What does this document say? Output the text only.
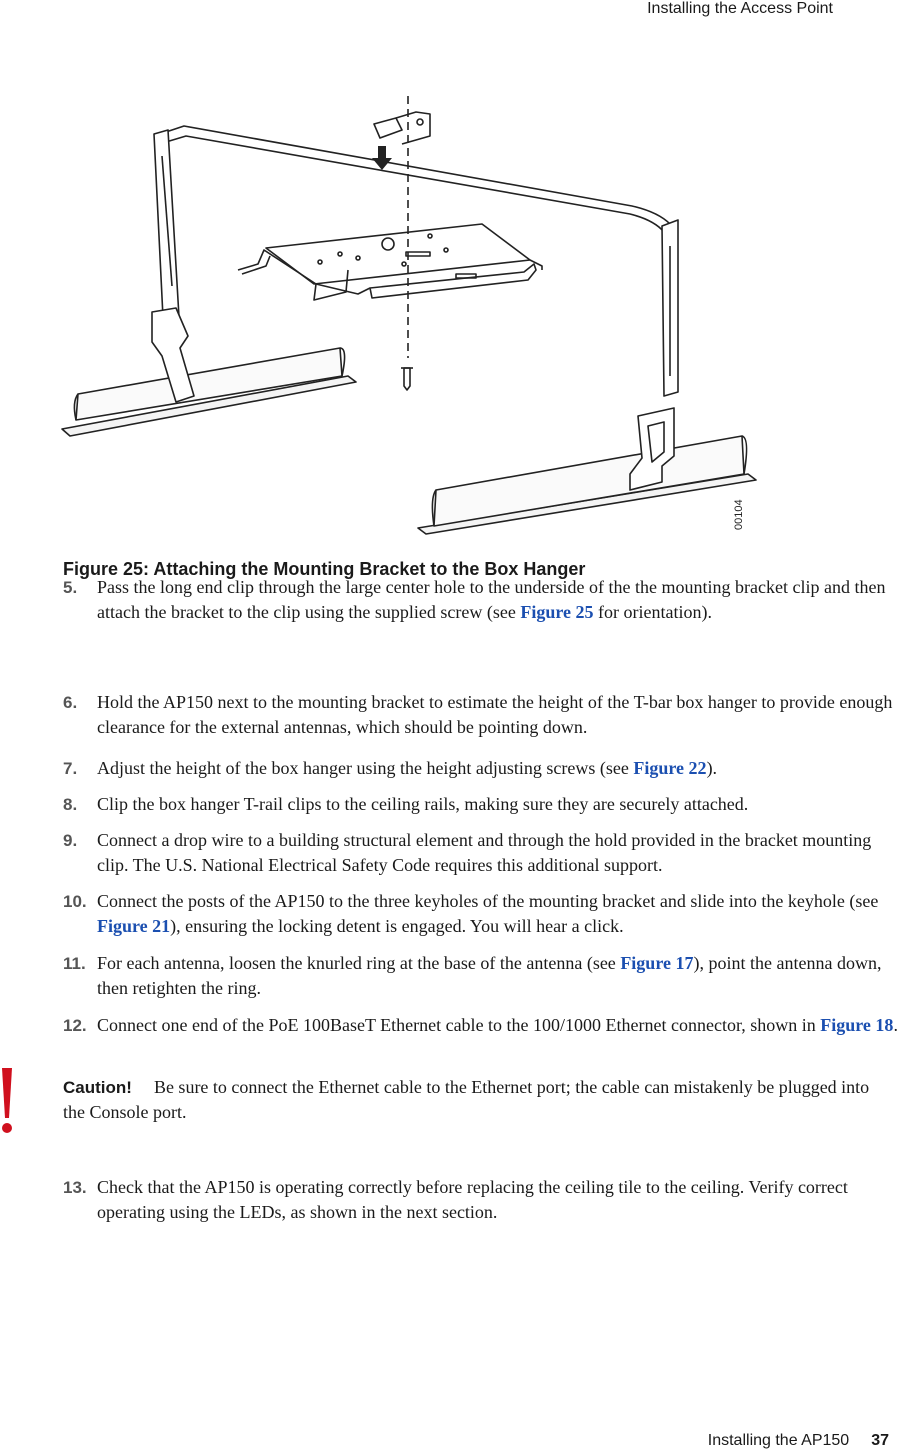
Installing the Access Point
00104
Figure 25: Attaching the Mounting Bracket to the Box Hanger
5. Pass the long end clip through the large center hole to the underside of the the mounting bracket clip and then attach the bracket to the clip using the supplied screw (see Figure 25 for orientation).
6. Hold the AP150 next to the mounting bracket to estimate the height of the T-bar box hanger to provide enough clearance for the external antennas, which should be pointing down.
7. Adjust the height of the box hanger using the height adjusting screws (see Figure 22).
8. Clip the box hanger T-rail clips to the ceiling rails, making sure they are securely attached.
9. Connect a drop wire to a building structural element and through the hold provided in the bracket mounting clip. The U.S. National Electrical Safety Code requires this additional support.
10. Connect the posts of the AP150 to the three keyholes of the mounting bracket and slide into the keyhole (see Figure 21), ensuring the locking detent is engaged. You will hear a click.
11. For each antenna, loosen the knurled ring at the base of the antenna (see Figure 17), point the antenna down, then retighten the ring.
12. Connect one end of the PoE 100BaseT Ethernet cable to the 100/1000 Ethernet connector, shown in Figure 18.
Caution! Be sure to connect the Ethernet cable to the Ethernet port; the cable can mistakenly be plugged into the Console port.
13. Check that the AP150 is operating correctly before replacing the ceiling tile to the ceiling. Verify correct operating using the LEDs, as shown in the next section.
Installing the AP150 37
